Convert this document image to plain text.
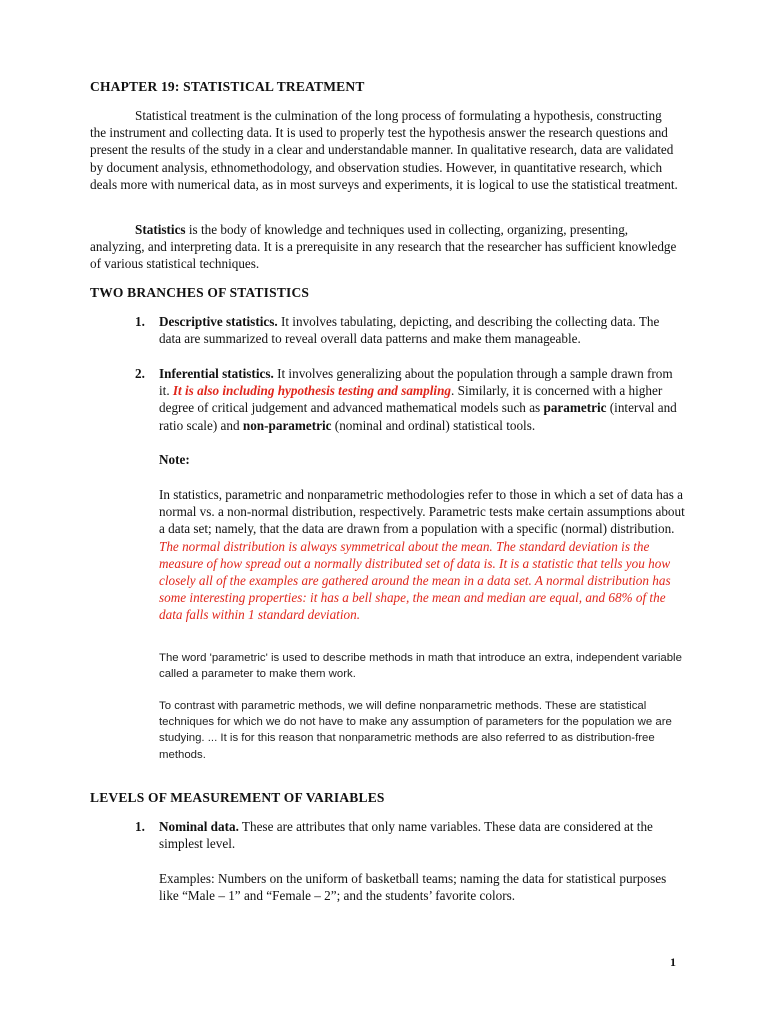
CHAPTER 19: STATISTICAL TREATMENT
Statistical treatment is the culmination of the long process of formulating a hypothesis, constructing the instrument and collecting data. It is used to properly test the hypothesis answer the research questions and present the results of the study in a clear and understandable manner. In qualitative research, data are validated by document analysis, ethnomethodology, and observation studies. However, in quantitative research, which deals more with numerical data, as in most surveys and experiments, it is logical to use the statistical treatment.
Statistics is the body of knowledge and techniques used in collecting, organizing, presenting, analyzing, and interpreting data. It is a prerequisite in any research that the researcher has sufficient knowledge of various statistical techniques.
TWO BRANCHES OF STATISTICS
1. Descriptive statistics. It involves tabulating, depicting, and describing the collecting data. The data are summarized to reveal overall data patterns and make them manageable.
2. Inferential statistics. It involves generalizing about the population through a sample drawn from it. It is also including hypothesis testing and sampling. Similarly, it is concerned with a higher degree of critical judgement and advanced mathematical models such as parametric (interval and ratio scale) and non-parametric (nominal and ordinal) statistical tools.
Note:
In statistics, parametric and nonparametric methodologies refer to those in which a set of data has a normal vs. a non-normal distribution, respectively. Parametric tests make certain assumptions about a data set; namely, that the data are drawn from a population with a specific (normal) distribution. The normal distribution is always symmetrical about the mean. The standard deviation is the measure of how spread out a normally distributed set of data is. It is a statistic that tells you how closely all of the examples are gathered around the mean in a data set. A normal distribution has some interesting properties: it has a bell shape, the mean and median are equal, and 68% of the data falls within 1 standard deviation.
The word 'parametric' is used to describe methods in math that introduce an extra, independent variable called a parameter to make them work.
To contrast with parametric methods, we will define nonparametric methods. These are statistical techniques for which we do not have to make any assumption of parameters for the population we are studying. ... It is for this reason that nonparametric methods are also referred to as distribution-free methods.
LEVELS OF MEASUREMENT OF VARIABLES
1. Nominal data. These are attributes that only name variables. These data are considered at the simplest level.
Examples: Numbers on the uniform of basketball teams; naming the data for statistical purposes like “Male – 1” and “Female – 2”; and the students’ favorite colors.
1
